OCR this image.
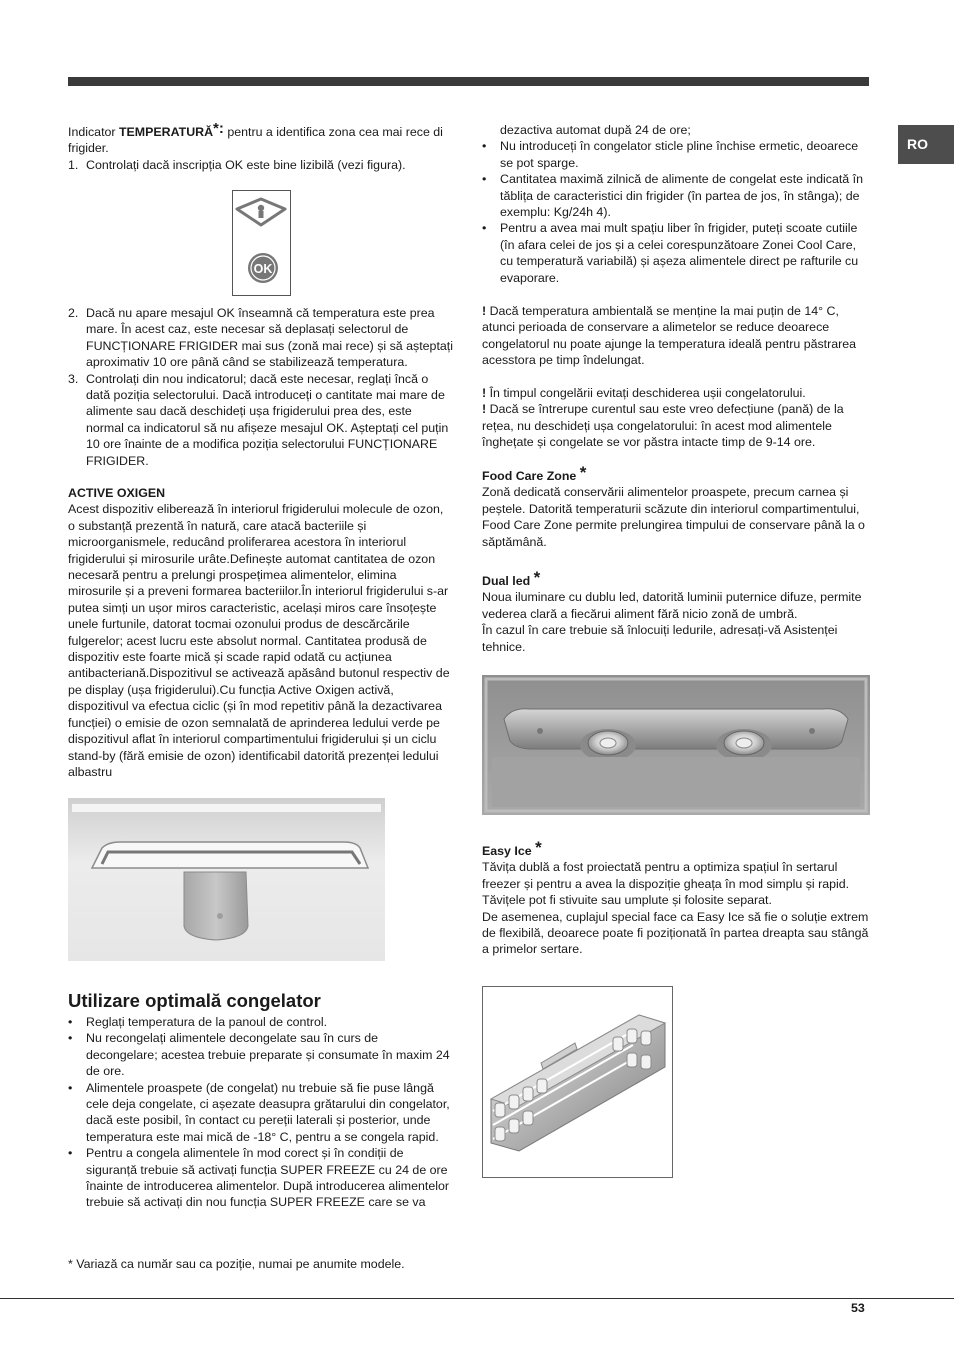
RO

Indicator TEMPERATURĂ*: pentru a identifica zona cea mai rece di frigider.

1. Controlați dacă inscripția OK este bine lizibilă (vezi figura).
OK
2. Dacă nu apare mesajul OK înseamnă că temperatura este prea mare. În acest caz, este necesar să deplasați selectorul de FUNCȚIONARE FRIGIDER mai sus (zonă mai rece) și să așteptați aproximativ 10 ore până când se stabilizează temperatura.
3. Controlați din nou indicatorul; dacă este necesar, reglați încă o dată poziția selectorului. Dacă introduceți o cantitate mai mare de alimente sau dacă deschideți ușa frigiderului prea des, este normal ca indicatorul să nu afișeze mesajul OK. Așteptați cel puțin 10 ore înainte de a modifica poziția selectorului FUNCȚIONARE FRIGIDER.

ACTIVE OXIGEN

Acest dispozitiv eliberează în interiorul frigiderului molecule de ozon, o substanță prezentă în natură, care atacă bacteriile și microorganismele, reducând proliferarea acestora în interiorul frigiderului și mirosurile urâte.Definește automat cantitatea de ozon necesară pentru a prelungi prospețimea alimentelor, elimina mirosurile și a preveni formarea bacteriilor.În interiorul frigiderului s-ar putea simți un ușor miros caracteristic, același miros care însoțește unele furtunile, datorat tocmai ozonului produs de descărcările fulgerelor; acest lucru este absolut normal. Cantitatea produsă de dispozitiv este foarte mică și scade rapid odată cu acțiunea antibacteriană.Dispozitivul se activează apăsând butonul respectiv de pe display (ușa frigiderului).Cu funcția Active Oxigen activă, dispozitivul va efectua ciclic (și în mod repetitiv până la dezactivarea funcției) o emisie de ozon semnalată de aprinderea ledului verde pe dispozitivul aflat în interiorul compartimentului frigiderului și un ciclu stand-by (fără emisie de ozon) identificabil datorită prezenței ledului albastru

Utilizare optimală congelator
• Reglați temperatura de la panoul de control.
• Nu recongelați alimentele decongelate sau în curs de decongelare; acestea trebuie preparate și consumate în maxim 24 de ore.
• Alimentele proaspete (de congelat) nu trebuie să fie puse lângă cele deja congelate, ci așezate deasupra grătarului din congelator, dacă este posibil, în contact cu pereții laterali și posterior, unde temperatura este mai mică de -18° C, pentru a se congela rapid.
• Pentru a congela alimentele în mod corect și în condiții de siguranță trebuie să activați funcția SUPER FREEZE cu 24 de ore înainte de introducerea alimentelor. După introducerea alimentelor trebuie să activați din nou funcția SUPER FREEZE care se va

dezactiva automat după 24 de ore;

• Nu introduceți în congelator sticle pline închise ermetic, deoarece se pot sparge.
• Cantitatea maximă zilnică de alimente de congelat este indicată în tăblița de caracteristici din frigider (în partea de jos, în stânga); de exemplu: Kg/24h 4).
• Pentru a avea mai mult spațiu liber în frigider, puteți scoate cutiile (în afara celei de jos și a celei corespunzătoare Zonei Cool Care, cu temperatură variabilă) și așeza alimentele direct pe rafturile cu evaporare.

! Dacă temperatura ambientală se menține la mai puțin de 14° C, atunci perioada de conservare a alimetelor se reduce deoarece congelatorul nu poate ajunge la temperatura ideală pentru păstrarea acesstora pe timp îndelungat.

! În timpul congelării evitați deschiderea ușii congelatorului.

! Dacă se întrerupe curentul sau este vreo defecțiune (pană) de la rețea, nu deschideți ușa congelatorului: în acest mod alimentele înghețate și congelate se vor păstra intacte timp de 9-14 ore.

Food Care Zone *

Zonă dedicată conservării alimentelor proaspete, precum carnea și peștele. Datorită temperaturii scăzute din interiorul compartimentului, Food Care Zone permite prelungirea timpului de conservare până la o săptămână.

Dual led *

Noua iluminare cu dublu led, datorită luminii puternice difuze, permite vederea clară a fiecărui aliment fără nicio zonă de umbră.

În cazul în care trebuie să înlocuiți ledurile, adresați-vă Asistenței tehnice.

Easy Ice *

Tăvița dublă a fost proiectată pentru a optimiza spațiul în sertarul freezer și pentru a avea la dispoziție gheața în mod simplu și rapid. Tăvițele pot fi stivuite sau umplute și folosite separat.

De asemenea, cuplajul special face ca Easy Ice să fie o soluție extrem de flexibilă, deoarece poate fi poziționată în partea dreapta sau stângă a primelor sertare.

* Variază ca număr sau ca poziție, numai pe anumite modele.
53
